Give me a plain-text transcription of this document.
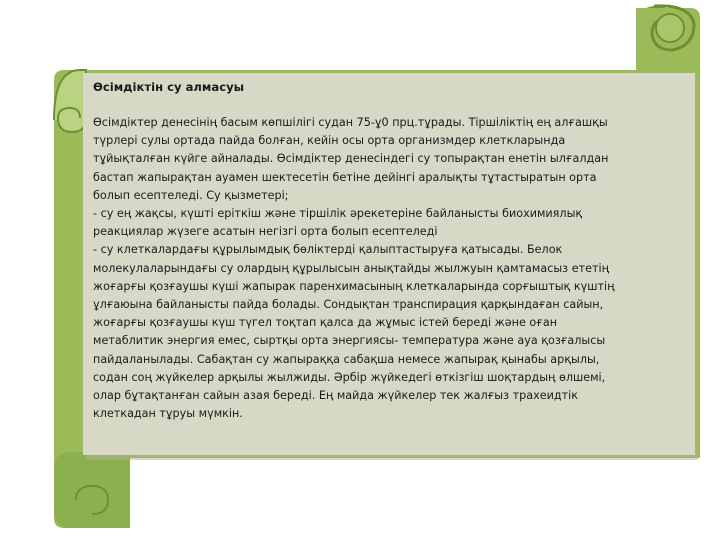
Өсімдіктін су алмасуы
Өсімдіктер денесінің басым көпшілігі судан 75-ұ0 прц.тұрады. Тіршіліктің ең алғашқы
түрлері сулы ортада пайда болған, кейін осы орта организмдер клеткларында
тұйықталған күйге айналады. Өсімдіктер денесіндегі су топырақтан енетін ылғалдан
бастап жапырақтан ауамен шектесетін бетіне дейінгі аралықты тұтастыратын орта
болып есептеледі. Су қызметері;
- су ең жақсы, күшті еріткіш және тіршілік әрекетеріне байланысты биохимиялық
реакциялар жүзеге асатын негізгі орта болып есептеледі
- су клеткалардағы құрылымдық бөліктерді қалыптастыруға қатысады. Белок
молекулаларындағы су олардың құрылысын анықтайды жылжуын қамтамасыз ететің
жоғарғы қозғаушы күші жапырак паренхимасының клеткаларында сорғыштық күштің
ұлғаюына байланысты пайда болады. Сондықтан транспирация қарқындаған сайын,
жоғарғы қозғаушы күш түгел тоқтап қалса да жұмыс істей береді және оған
метаблитик энергия емес, сыртқы орта энергиясы- температура және ауа қозғалысы
пайдаланылады. Сабақтан су жапыраққа сабақша немесе жапырақ қынабы арқылы,
содан соң жүйкелер арқылы жылжиды. Әрбір жүйкедегі өткізгіш шоқтардың өлшемі,
олар бұтақтанған сайын азая береді. Ең майда жүйкелер тек жалғыз трахеидтік
клеткадан тұруы мүмкін.
